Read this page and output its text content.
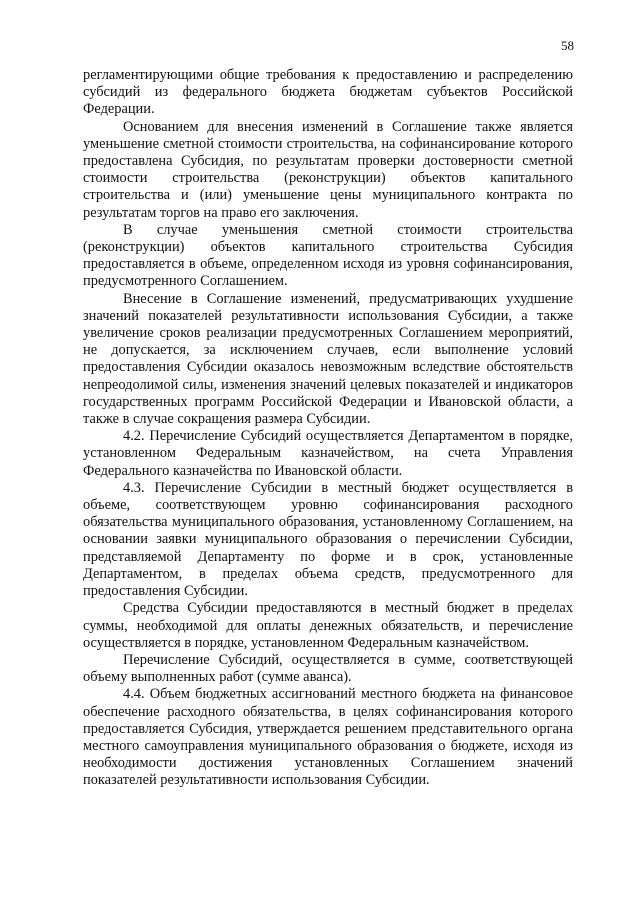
58

регламентирующими общие требования к предоставлению и распределению субсидий из федерального бюджета бюджетам субъектов Российской Федерации.

Основанием для внесения изменений в Соглашение также является уменьшение сметной стоимости строительства, на софинансирование которого предоставлена Субсидия, по результатам проверки достоверности сметной стоимости строительства (реконструкции) объектов капитального строительства и (или) уменьшение цены муниципального контракта по результатам торгов на право его заключения.

В случае уменьшения сметной стоимости строительства (реконструкции) объектов капитального строительства Субсидия предоставляется в объеме, определенном исходя из уровня софинансирования, предусмотренного Соглашением.

Внесение в Соглашение изменений, предусматривающих ухудшение значений показателей результативности использования Субсидии, а также увеличение сроков реализации предусмотренных Соглашением мероприятий, не допускается, за исключением случаев, если выполнение условий предоставления Субсидии оказалось невозможным вследствие обстоятельств непреодолимой силы, изменения значений целевых показателей и индикаторов государственных программ Российской Федерации и Ивановской области, а также в случае сокращения размера Субсидии.

4.2. Перечисление Субсидий осуществляется Департаментом в порядке, установленном Федеральным казначейством, на счета Управления Федерального казначейства по Ивановской области.

4.3. Перечисление Субсидии в местный бюджет осуществляется в объеме, соответствующем уровню софинансирования расходного обязательства муниципального образования, установленному Соглашением, на основании заявки муниципального образования о перечислении Субсидии, представляемой Департаменту по форме и в срок, установленные Департаментом, в пределах объема средств, предусмотренного для предоставления Субсидии.

Средства Субсидии предоставляются в местный бюджет в пределах суммы, необходимой для оплаты денежных обязательств, и перечисление осуществляется в порядке, установленном Федеральным казначейством.

Перечисление Субсидий, осуществляется в сумме, соответствующей объему выполненных работ (сумме аванса).

4.4. Объем бюджетных ассигнований местного бюджета на финансовое обеспечение расходного обязательства, в целях софинансирования которого предоставляется Субсидия, утверждается решением представительного органа местного самоуправления муниципального образования о бюджете, исходя из необходимости достижения установленных Соглашением значений показателей результативности использования Субсидии.
